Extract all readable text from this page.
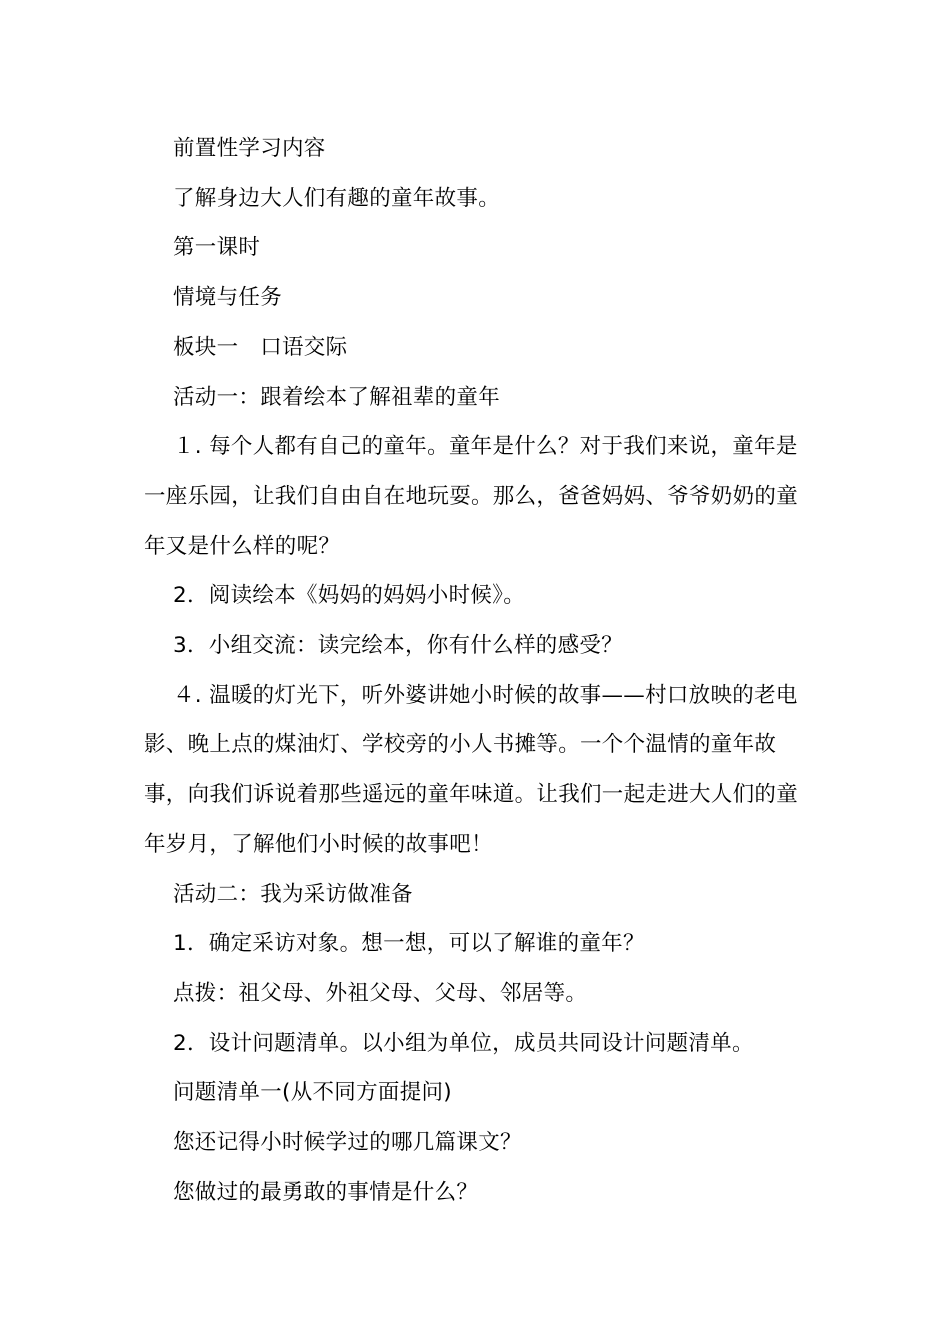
前置性学习内容

了解身边大人们有趣的童年故事。

第一课时

情境与任务

板块一　口语交际

活动一：跟着绘本了解祖辈的童年

１. 每个人都有自己的童年。童年是什么？对于我们来说，童年是一座乐园，让我们自由自在地玩耍。那么，爸爸妈妈、爷爷奶奶的童年又是什么样的呢？

2．阅读绘本《妈妈的妈妈小时候》。

3．小组交流：读完绘本，你有什么样的感受？

４. 温暖的灯光下，听外婆讲她小时候的故事——村口放映的老电影、晚上点的煤油灯、学校旁的小人书摊等。一个个温情的童年故事，向我们诉说着那些遥远的童年味道。让我们一起走进大人们的童年岁月，了解他们小时候的故事吧！

活动二：我为采访做准备

1．确定采访对象。想一想，可以了解谁的童年？

点拨：祖父母、外祖父母、父母、邻居等。

2．设计问题清单。以小组为单位，成员共同设计问题清单。

问题清单一(从不同方面提问)

您还记得小时候学过的哪几篇课文？

您做过的最勇敢的事情是什么？
